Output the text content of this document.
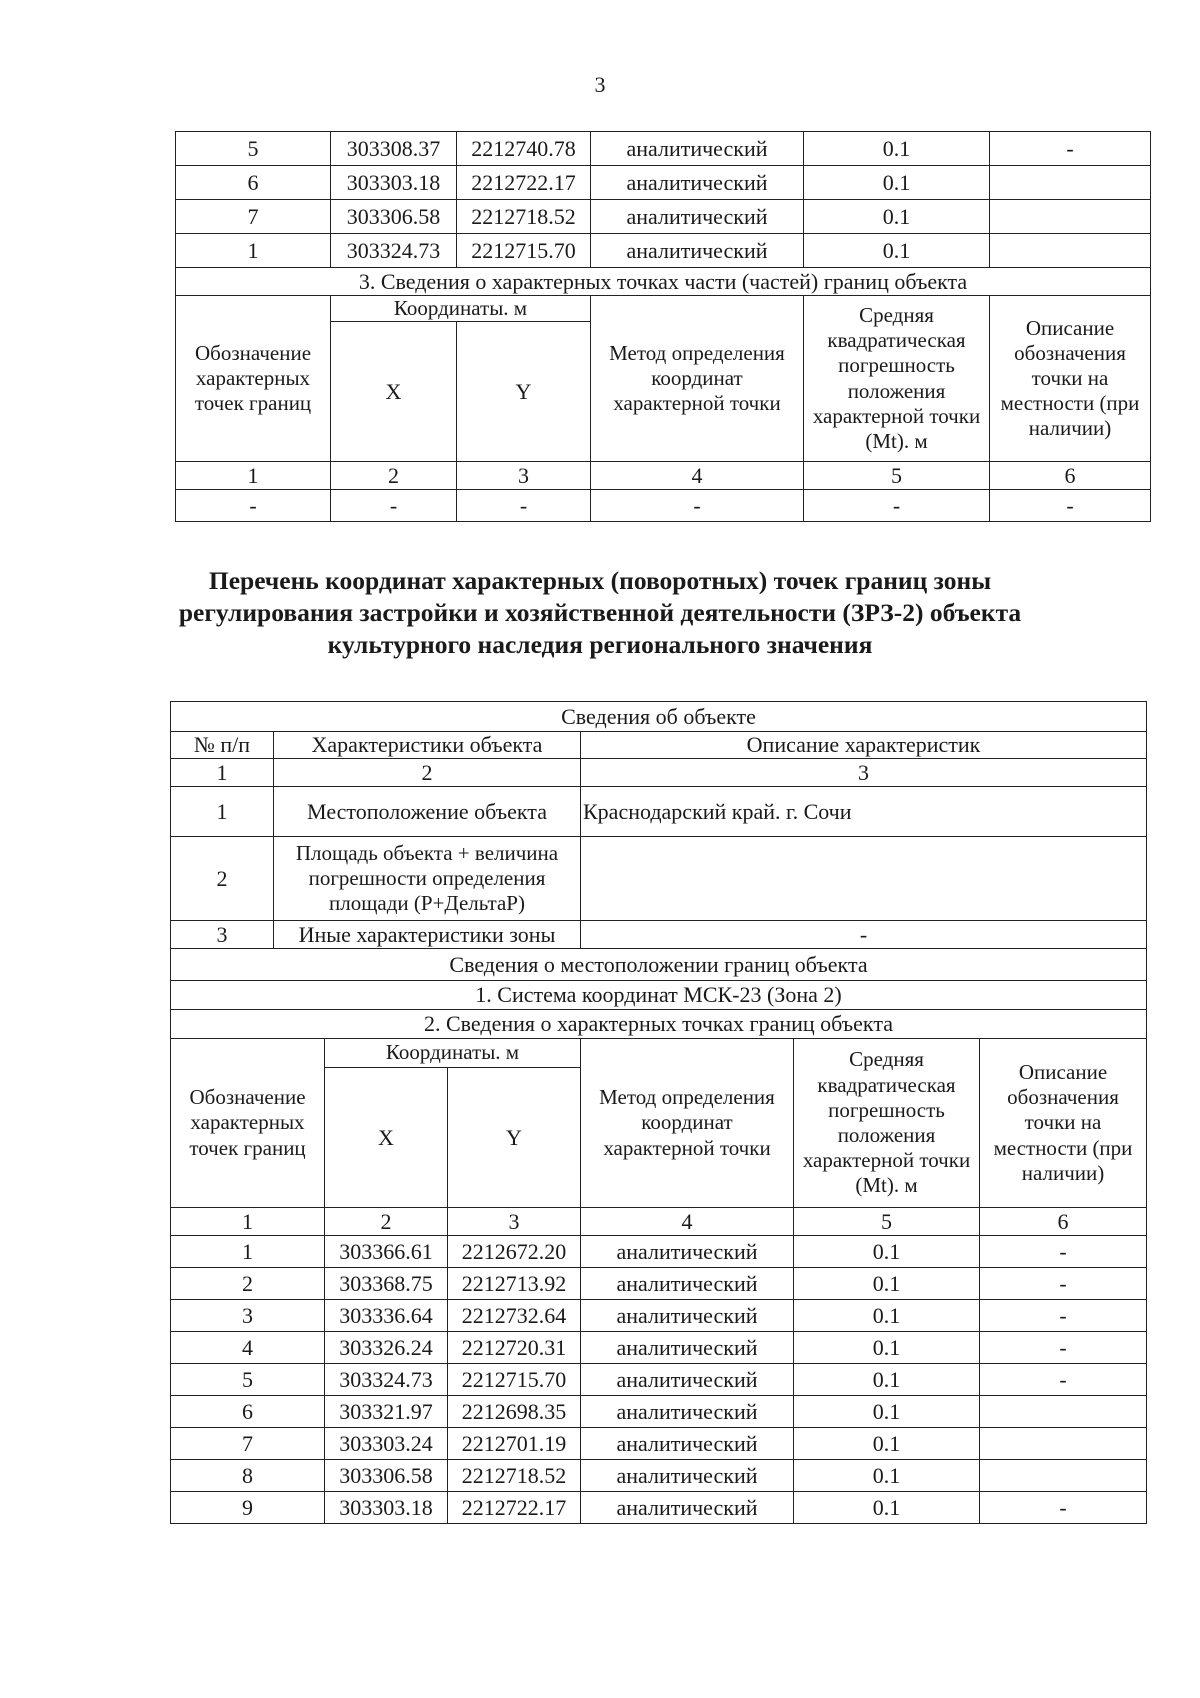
3
5	303308.37	2212740.78	аналитический	0.1	-
6	303303.18	2212722.17	аналитический	0.1	
7	303306.58	2212718.52	аналитический	0.1	
1	303324.73	2212715.70	аналитический	0.1	
3. Сведения о характерных точках части (частей) границ объекта					
Обозначение характерных точек границ	Координаты. м		Метод определения координат характерной точки	Средняя квадратическая погрешность положения характерной точки (Mt). м	Описание обозначения точки на местности (при наличии)
	X	Y			
1	2	3	4	5	6
-	-	-	-	-	-
Перечень координат характерных (поворотных) точек границ зоны
регулирования застройки и хозяйственной деятельности (ЗРЗ-2) объекта
культурного наследия регионального значения
Сведения об объекте						
№ п/п	Характеристики объекта			Описание характеристик		
1	2			3		
1	Местоположение объекта			Краснодарский край. г. Сочи		
2	Площадь объекта + величина погрешности определения площади (P+ДельтаP)					
3	Иные характеристики зоны			-		
Сведения о местоположении границ объекта						
1. Система координат МСК-23 (Зона 2)						
2. Сведения о характерных точках границ объекта						
Обозначение характерных точек границ		Координаты. м		Метод определения координат характерной точки	Средняя квадратическая погрешность положения характерной точки (Mt). м	Описание обозначения точки на местности (при наличии)
		X	Y			
1		2	3	4	5	6
1		303366.61	2212672.20	аналитический	0.1	-
2		303368.75	2212713.92	аналитический	0.1	-
3		303336.64	2212732.64	аналитический	0.1	-
4		303326.24	2212720.31	аналитический	0.1	-
5		303324.73	2212715.70	аналитический	0.1	-
6		303321.97	2212698.35	аналитический	0.1	
7		303303.24	2212701.19	аналитический	0.1	
8		303306.58	2212718.52	аналитический	0.1	
9		303303.18	2212722.17	аналитический	0.1	-
